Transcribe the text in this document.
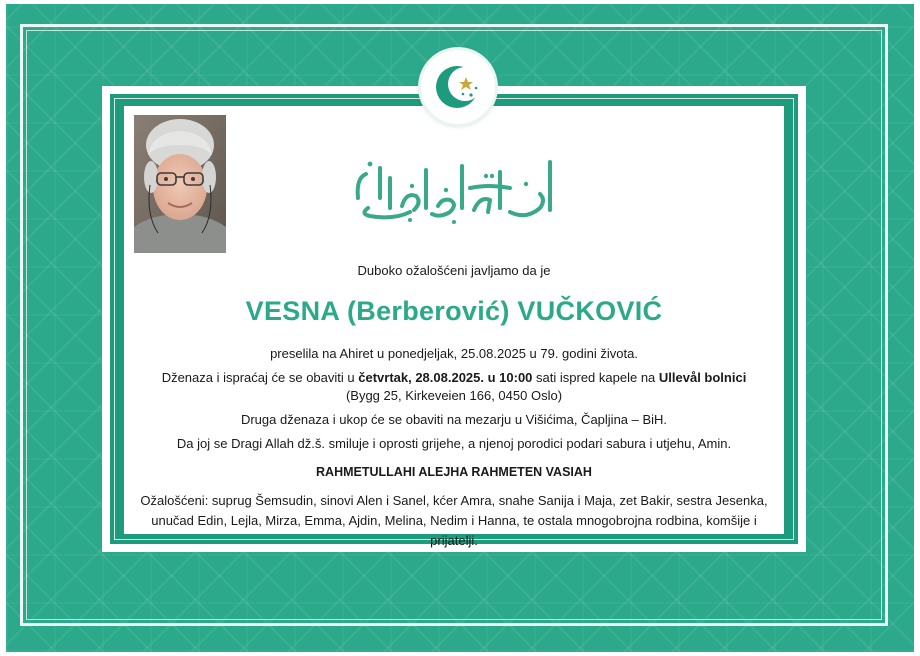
Duboko ožalošćeni javljamo da je
VESNA (Berberović) VUČKOVIĆ
preselila na Ahiret u ponedjeljak, 25.08.2025 u 79. godini života.
Dženaza i ispraćaj će se obaviti u četvrtak, 28.08.2025. u 10:00 sati ispred kapele na Ullevål bolnici
(Bygg 25, Kirkeveien 166, 0450 Oslo)
Druga dženaza i ukop će se obaviti na mezarju u Višićima, Čapljina – BiH.
Da joj se Dragi Allah dž.š. smiluje i oprosti grijehe, a njenoj porodici podari sabura i utjehu, Amin.
RAHMETULLAHI ALEJHA RAHMETEN VASIAH
Ožalošćeni: suprug Šemsudin, sinovi Alen i Sanel, kćer Amra, snahe Sanija i Maja, zet Bakir, sestra Jesenka, unučad Edin, Lejla, Mirza, Emma, Ajdin, Melina, Nedim i Hanna, te ostala mnogobrojna rodbina, komšije i prijatelji.
